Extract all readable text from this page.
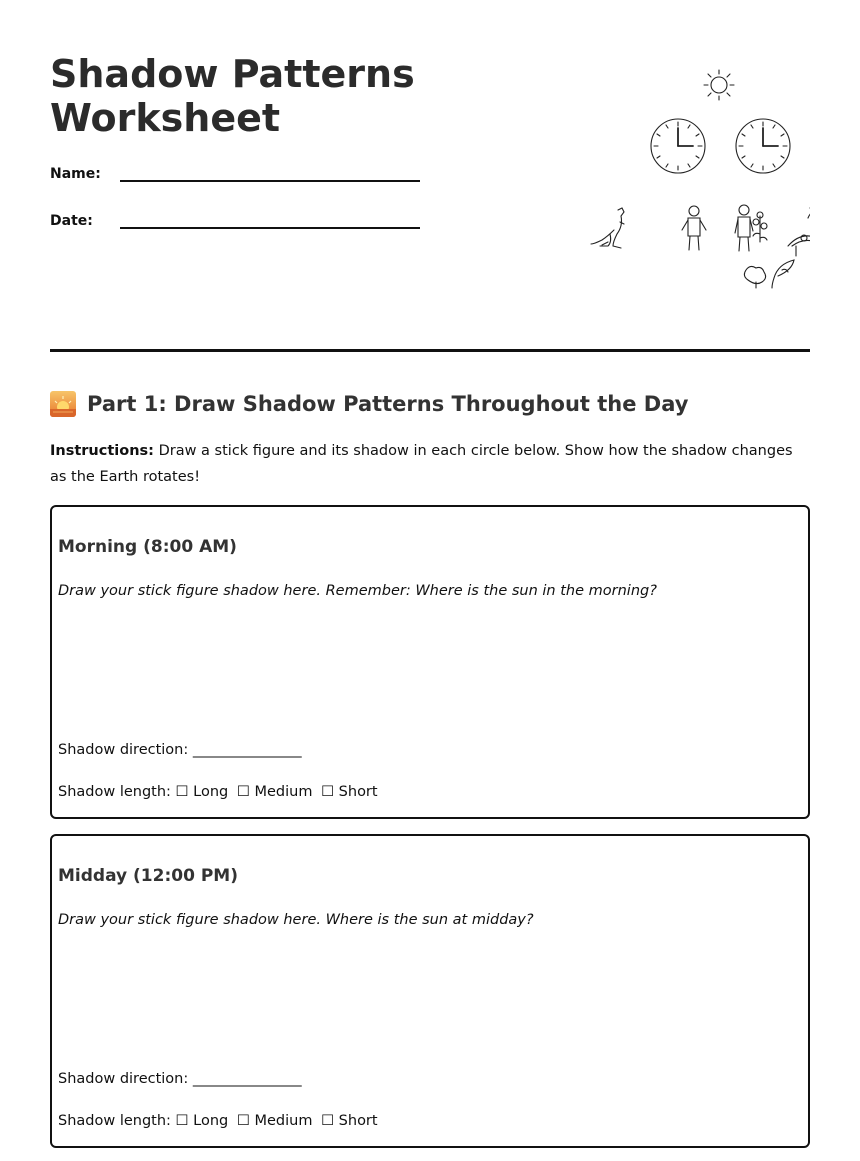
Shadow Patterns Worksheet
Name:
Date:
Part 1: Draw Shadow Patterns Throughout the Day

Instructions: Draw a stick figure and its shadow in each circle below. Show how the shadow changes as the Earth rotates!

Morning (8:00 AM)

Draw your stick figure shadow here. Remember: Where is the sun in the morning?

Shadow direction: _______________

Shadow length: ☐ Long ☐ Medium ☐ Short

Midday (12:00 PM)

Draw your stick figure shadow here. Where is the sun at midday?

Shadow direction: _______________

Shadow length: ☐ Long ☐ Medium ☐ Short
